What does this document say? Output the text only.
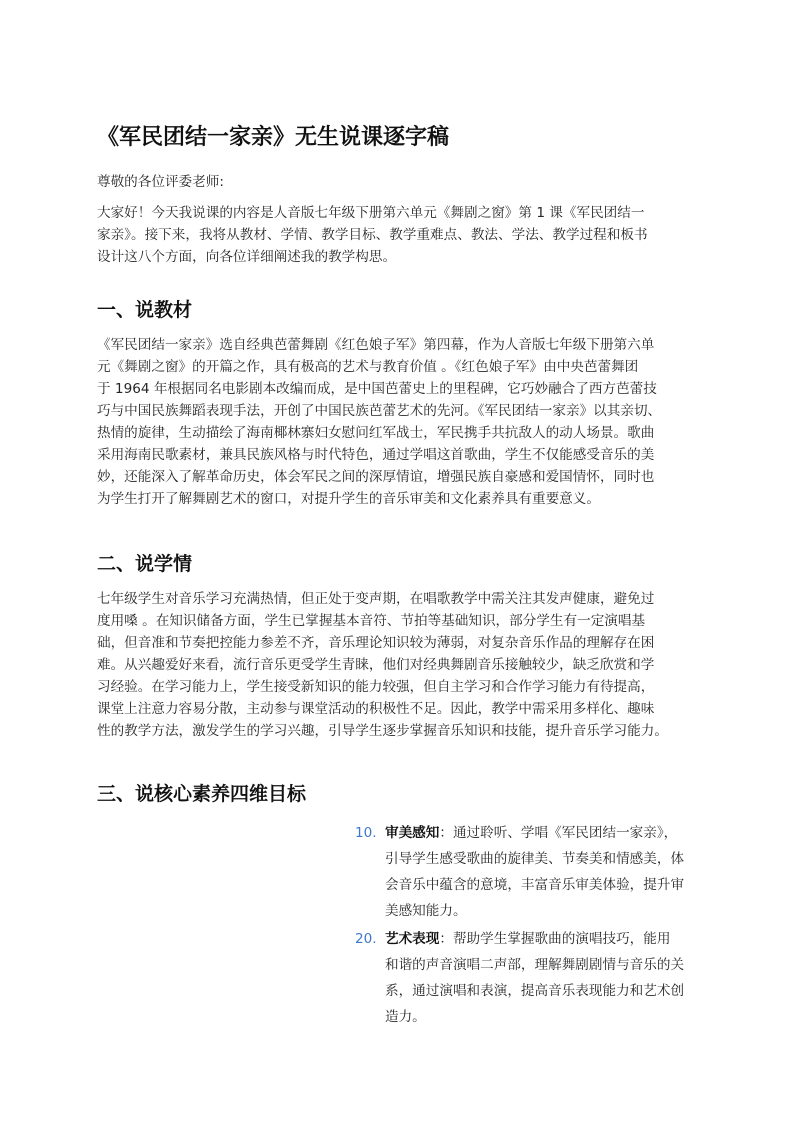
《军民团结一家亲》无生说课逐字稿
尊敬的各位评委老师:
大家好！今天我说课的内容是人音版七年级下册第六单元《舞剧之窗》第 1 课《军民团结一
家亲》。接下来，我将从教材、学情、教学目标、教学重难点、教法、学法、教学过程和板书
设计这八个方面，向各位详细阐述我的教学构思。
一、说教材
《军民团结一家亲》选自经典芭蕾舞剧《红色娘子军》第四幕，作为人音版七年级下册第六单
元《舞剧之窗》的开篇之作，具有极高的艺术与教育价值 。《红色娘子军》由中央芭蕾舞团
于 1964 年根据同名电影剧本改编而成，是中国芭蕾史上的里程碑，它巧妙融合了西方芭蕾技
巧与中国民族舞蹈表现手法，开创了中国民族芭蕾艺术的先河。《军民团结一家亲》以其亲切、
热情的旋律，生动描绘了海南椰林寨妇女慰问红军战士，军民携手共抗敌人的动人场景。歌曲
采用海南民歌素材，兼具民族风格与时代特色，通过学唱这首歌曲，学生不仅能感受音乐的美
妙，还能深入了解革命历史，体会军民之间的深厚情谊，增强民族自豪感和爱国情怀，同时也
为学生打开了解舞剧艺术的窗口，对提升学生的音乐审美和文化素养具有重要意义。
二、说学情
七年级学生对音乐学习充满热情，但正处于变声期，在唱歌教学中需关注其发声健康，避免过
度用嗓 。在知识储备方面，学生已掌握基本音符、节拍等基础知识，部分学生有一定演唱基
础，但音准和节奏把控能力参差不齐，音乐理论知识较为薄弱，对复杂音乐作品的理解存在困
难。从兴趣爱好来看，流行音乐更受学生青睐，他们对经典舞剧音乐接触较少，缺乏欣赏和学
习经验。在学习能力上，学生接受新知识的能力较强，但自主学习和合作学习能力有待提高，
课堂上注意力容易分散，主动参与课堂活动的积极性不足。因此，教学中需采用多样化、趣味
性的教学方法，激发学生的学习兴趣，引导学生逐步掌握音乐知识和技能，提升音乐学习能力。
三、说核心素养四维目标
10. 审美感知：通过聆听、学唱《军民团结一家亲》，
引导学生感受歌曲的旋律美、节奏美和情感美，体
会音乐中蕴含的意境，丰富音乐审美体验，提升审
美感知能力。
20. 艺术表现：帮助学生掌握歌曲的演唱技巧，能用
和谐的声音演唱二声部，理解舞剧剧情与音乐的关
系，通过演唱和表演，提高音乐表现能力和艺术创
造力。
